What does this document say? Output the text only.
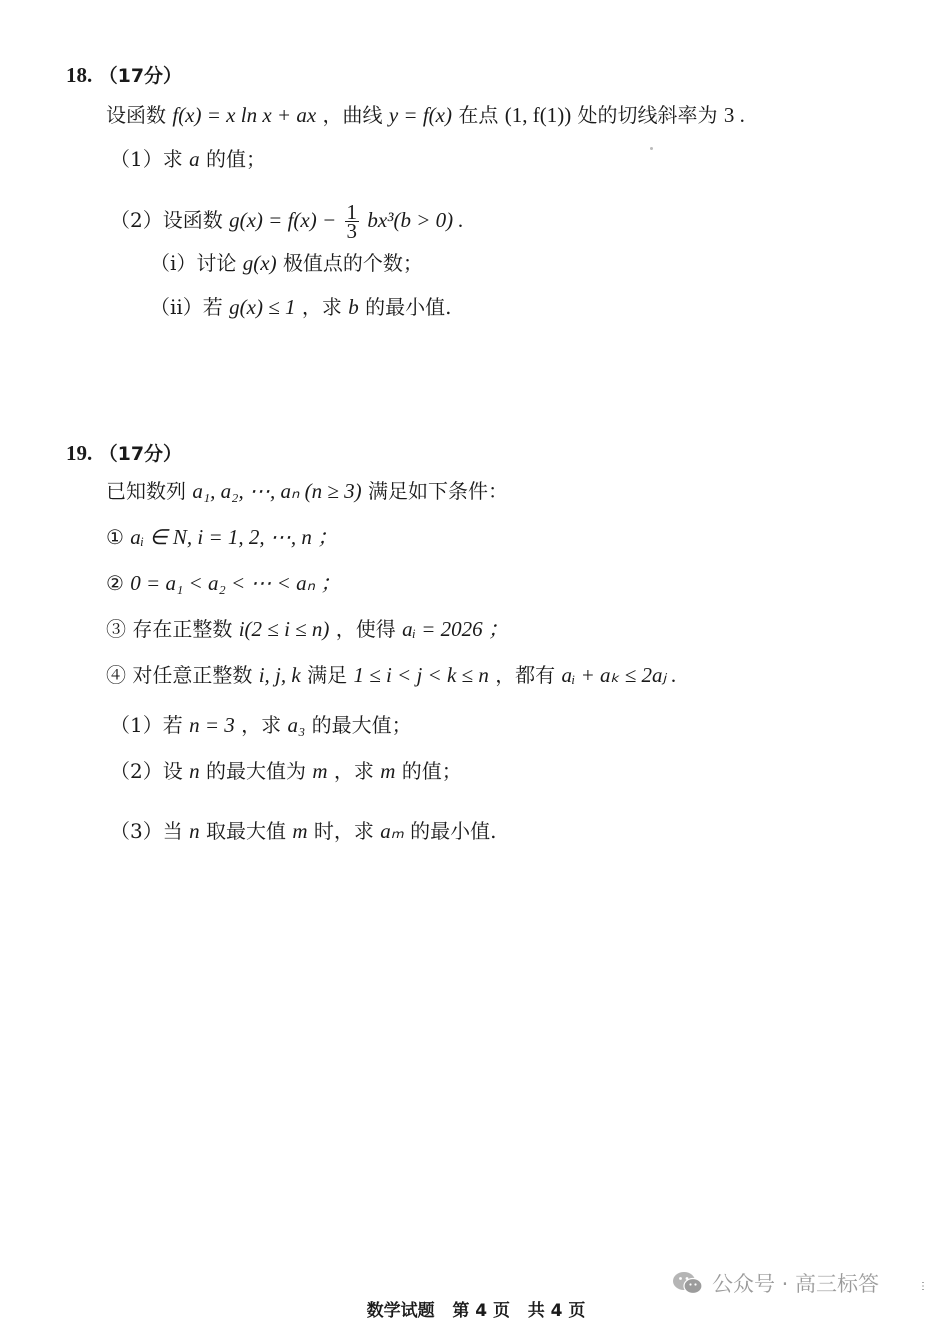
18. （17分）
设函数 f(x) = x ln x + ax ，曲线 y = f(x) 在点 (1, f(1)) 处的切线斜率为 3 .
（1）求 a 的值；
（2）设函数 $g(x) = f(x) - \frac{1}{3} bx^3(b > 0)$ .
（ⅰ）讨论 g(x) 极值点的个数；
（ⅱ）若 g(x) ≤ 1 ，求 b 的最小值.
19. （17分）
已知数列 a₁, a₂, ⋯, aₙ (n ≥ 3) 满足如下条件：
① aᵢ ∈ N, i = 1, 2, ⋯, n ；
② 0 = a₁ < a₂ < ⋯ < aₙ ；
③ 存在正整数 i(2 ≤ i ≤ n) ，使得 aᵢ = 2026 ；
④ 对任意正整数 i, j, k 满足 1 ≤ i < j < k ≤ n ，都有 aᵢ + aₖ ≤ 2aⱼ .
（1）若 n = 3 ，求 a₃ 的最大值；
（2）设 n 的最大值为 m ，求 m 的值；
（3）当 n 取最大值 m 时，求 aₘ 的最小值.
公众号 · 高三标答	⋮
数学试题   第 4 页   共 4 页
